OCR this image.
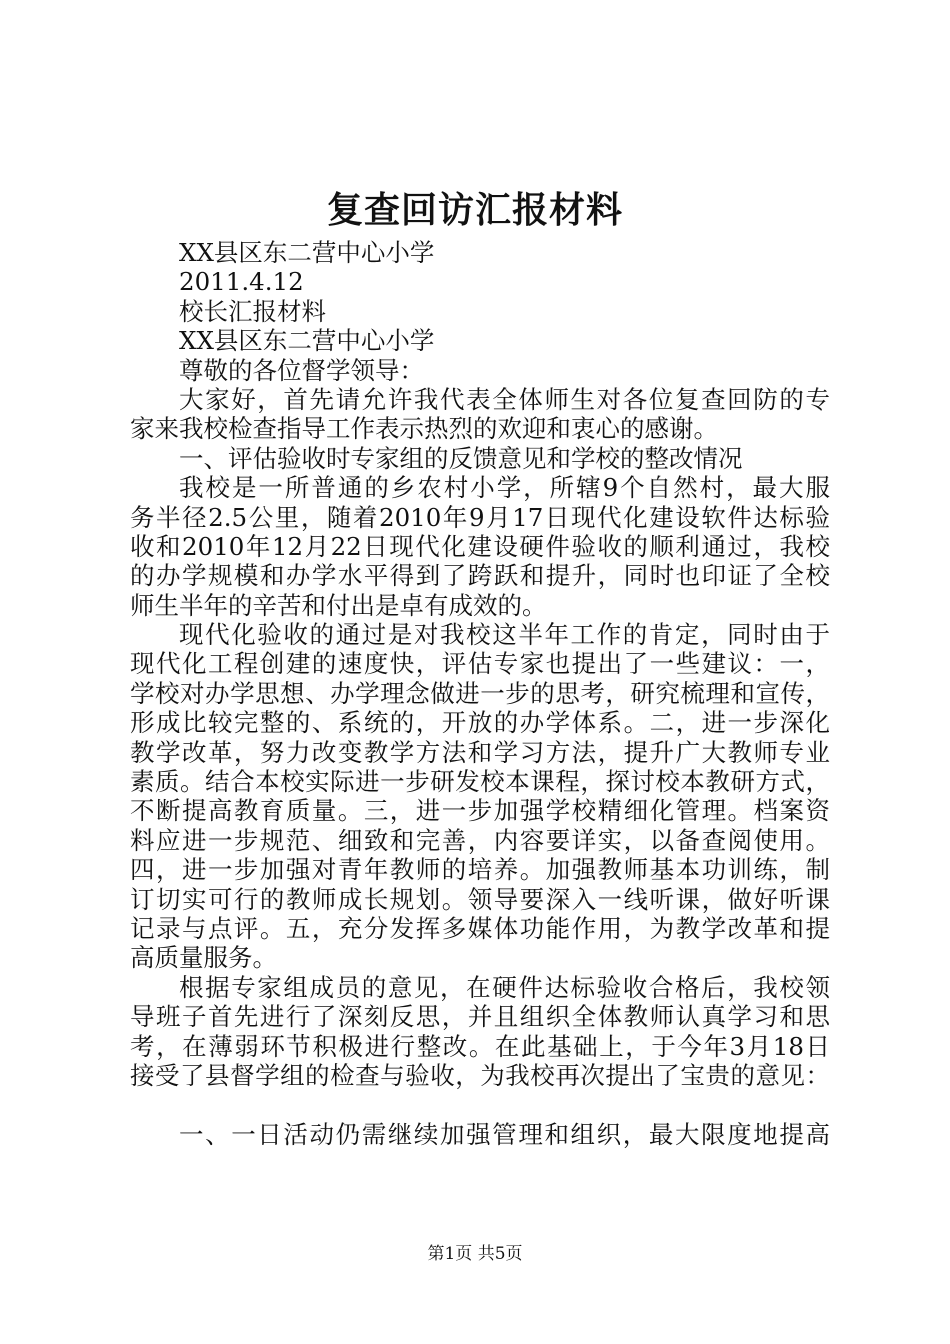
复查回访汇报材料
XX县区东二营中心小学
2011.4.12
校长汇报材料
XX县区东二营中心小学
尊敬的各位督学领导：
大家好，首先请允许我代表全体师生对各位复查回防的专
家来我校检查指导工作表示热烈的欢迎和衷心的感谢。
一、评估验收时专家组的反馈意见和学校的整改情况
我校是一所普通的乡农村小学，所辖9个自然村，最大服
务半径2.5公里，随着2010年9月17日现代化建设软件达标验
收和2010年12月22日现代化建设硬件验收的顺利通过，我校
的办学规模和办学水平得到了跨跃和提升，同时也印证了全校
师生半年的辛苦和付出是卓有成效的。
现代化验收的通过是对我校这半年工作的肯定，同时由于
现代化工程创建的速度快，评估专家也提出了一些建议：一，
学校对办学思想、办学理念做进一步的思考，研究梳理和宣传，
形成比较完整的、系统的，开放的办学体系。二，进一步深化
教学改革，努力改变教学方法和学习方法，提升广大教师专业
素质。结合本校实际进一步研发校本课程，探讨校本教研方式，
不断提高教育质量。三，进一步加强学校精细化管理。档案资
料应进一步规范、细致和完善，内容要详实，以备查阅使用。
四，进一步加强对青年教师的培养。加强教师基本功训练，制
订切实可行的教师成长规划。领导要深入一线听课，做好听课
记录与点评。五，充分发挥多媒体功能作用，为教学改革和提
高质量服务。
根据专家组成员的意见，在硬件达标验收合格后，我校领
导班子首先进行了深刻反思，并且组织全体教师认真学习和思
考，在薄弱环节积极进行整改。在此基础上，于今年3月18日
接受了县督学组的检查与验收，为我校再次提出了宝贵的意见：
一、一日活动仍需继续加强管理和组织，最大限度地提高
第1页 共5页
